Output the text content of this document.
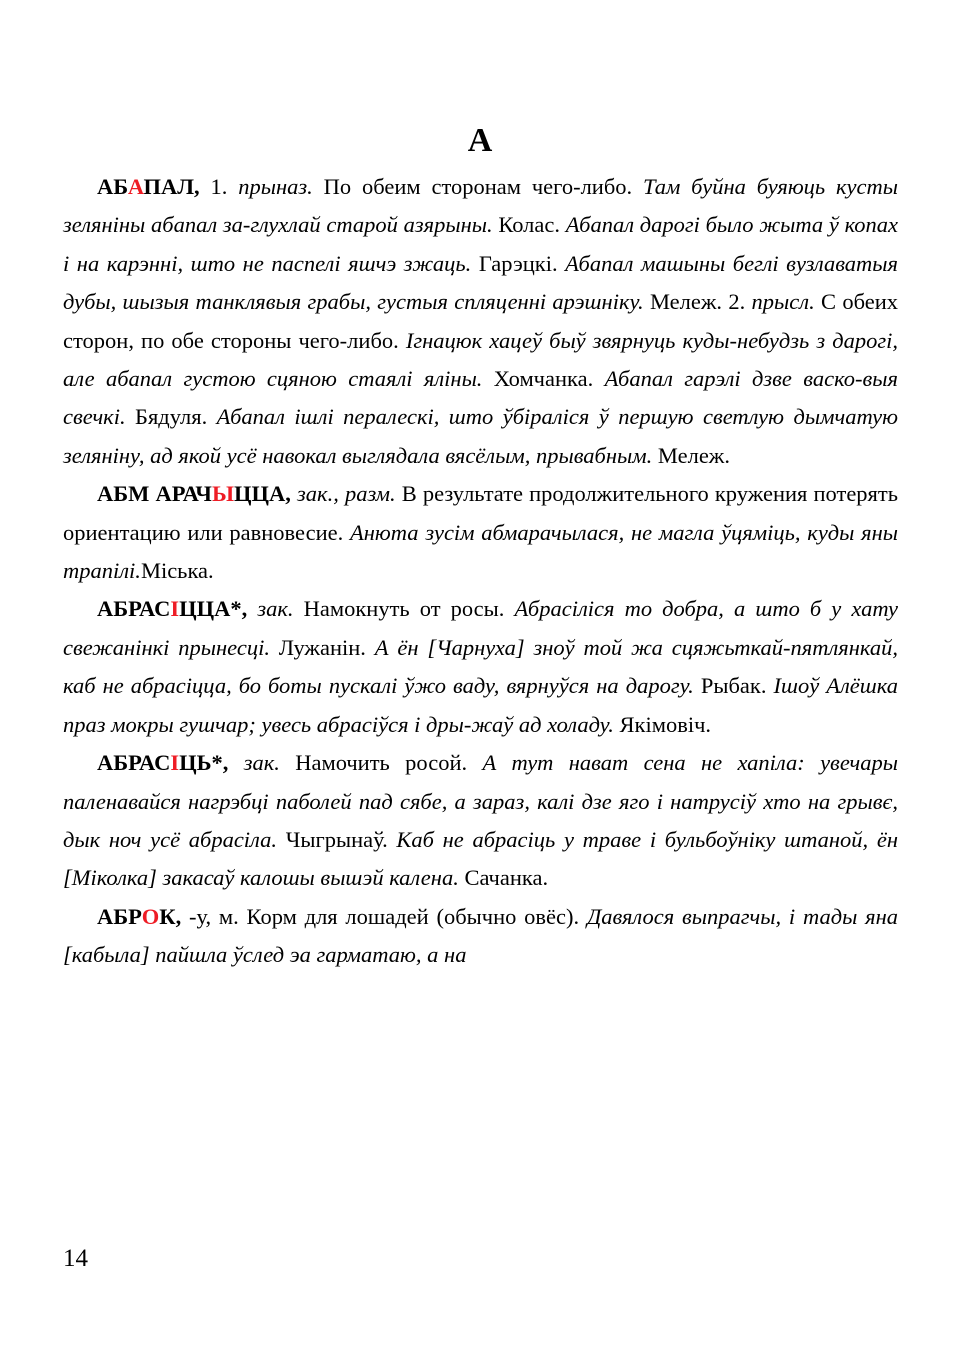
А

АБАПАЛ, 1. прыназ. По обеим сторонам чего-либо. Там буйна буяюць кусты зеляніны абапал за-глухлай старой азярыны. Колас. Абапал дарогі было жыта ў копах і на карэнні, што не паспелі яшчэ зжаць. Гарэцкі. Абапал машыны беглі вузлаватыя дубы, шызыя танклявыя грабы, густыя спляценні арэшніку. Мележ. 2. прысл. С обеих сторон, по обе стороны чего-либо. Ігнацюк хацеў быў звярнуць куды-небудзь з дарогі, але абапал густою сцяною стаялі яліны. Хомчанка. Абапал гарэлі дзве васко-выя свечкі. Бядуля. Абапал ішлі пералескі, што ўбіраліся ў першую светлую дымчатую зеляніну, ад якой усё навокал выглядала вясёлым, прывабным. Мележ.

АБМ АРАЧЫЦЦА, зак., разм. В результате продолжительного кружения потерять ориентацию или равновесие. Анюта зусім абмарачылася, не магла ўцяміць, куды яны трапілі.Міська.

АБРАСІЦЦА*, зак. Намокнуть от росы. Абрасіліся то добра, а што б у хату свежанінкі прынесці. Лужанін. А ён [Чарнуха] зноў той жа сцяжьткай-пятлянкай, каб не абрасіцца, бо боты пускалі ўжо ваду, вярнуўся на дарогу. Рыбак. Ішоў Алёшка праз мокры гушчар; увесь абрасіўся і дры-жаў ад холаду. Якімовіч.

АБРАСІЦЬ*, зак. Намочить росой. А тут нават сена не хапіла: увечары паленавайся нагрэбці паболей пад сябе, а зараз, калі дзе яго і натрусіў хто на грывє, дык ноч усё абрасіла. Чыгрынаў. Каб не абрасіць у траве і бульбоўніку штаной, ён [Міколка] закасаў калошы вышэй калена. Сачанка.

АБРОК, -у, м. Корм для лошадей (обычно овёс). Давялося выпрагчы, і тады яна [кабыла] пайшла ўслед эа гарматаю, а на

14
